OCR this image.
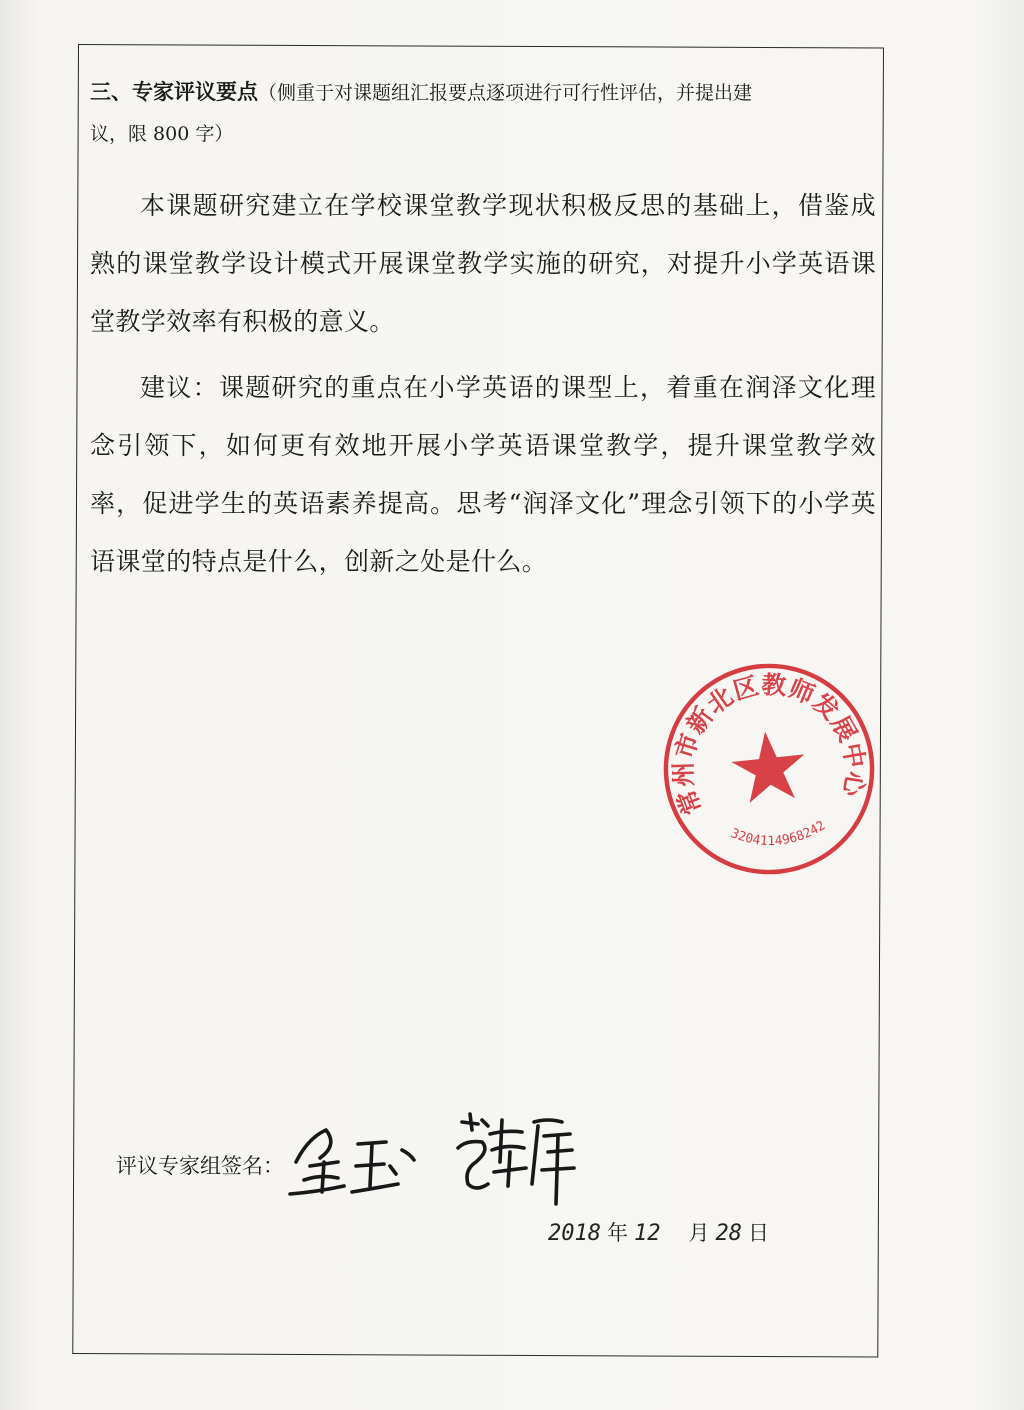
三、专家评议要点（侧重于对课题组汇报要点逐项进行可行性评估，并提出建
议，限 800 字）

本课题研究建立在学校课堂教学现状积极反思的基础上，借鉴成熟的课堂教学设计模式开展课堂教学实施的研究，对提升小学英语课堂教学效率有积极的意义。

建议：课题研究的重点在小学英语的课型上，着重在润泽文化理念引领下，如何更有效地开展小学英语课堂教学，提升课堂教学效率，促进学生的英语素养提高。思考“润泽文化”理念引领下的小学英语课堂的特点是什么，创新之处是什么。

常州市新北区教师发展中心
3204114968242
评议专家组签名：
2018 年 12 月 28 日
